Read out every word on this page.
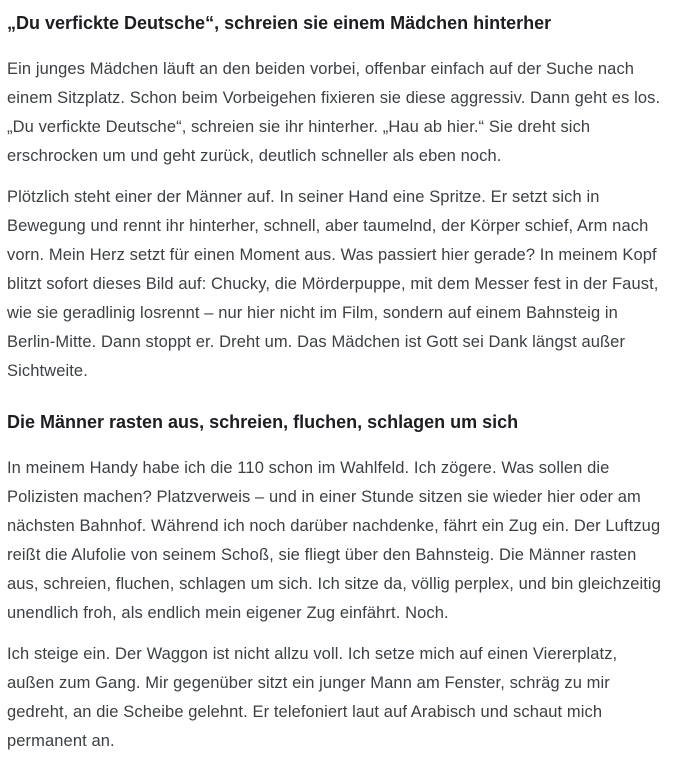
„Du verfickte Deutsche“, schreien sie einem Mädchen hinterher

Ein junges Mädchen läuft an den beiden vorbei, offenbar einfach auf der Suche nach einem Sitzplatz. Schon beim Vorbeigehen fixieren sie diese aggressiv. Dann geht es los. „Du verfickte Deutsche“, schreien sie ihr hinterher. „Hau ab hier.“ Sie dreht sich erschrocken um und geht zurück, deutlich schneller als eben noch.

Plötzlich steht einer der Männer auf. In seiner Hand eine Spritze. Er setzt sich in Bewegung und rennt ihr hinterher, schnell, aber taumelnd, der Körper schief, Arm nach vorn. Mein Herz setzt für einen Moment aus. Was passiert hier gerade? In meinem Kopf blitzt sofort dieses Bild auf: Chucky, die Mörderpuppe, mit dem Messer fest in der Faust, wie sie geradlinig losrennt – nur hier nicht im Film, sondern auf einem Bahnsteig in Berlin-Mitte. Dann stoppt er. Dreht um. Das Mädchen ist Gott sei Dank längst außer Sichtweite.

Die Männer rasten aus, schreien, fluchen, schlagen um sich

In meinem Handy habe ich die 110 schon im Wahlfeld. Ich zögere. Was sollen die Polizisten machen? Platzverweis – und in einer Stunde sitzen sie wieder hier oder am nächsten Bahnhof. Während ich noch darüber nachdenke, fährt ein Zug ein. Der Luftzug reißt die Alufolie von seinem Schoß, sie fliegt über den Bahnsteig. Die Männer rasten aus, schreien, fluchen, schlagen um sich. Ich sitze da, völlig perplex, und bin gleichzeitig unendlich froh, als endlich mein eigener Zug einfährt. Noch.

Ich steige ein. Der Waggon ist nicht allzu voll. Ich setze mich auf einen Viererplatz, außen zum Gang. Mir gegenüber sitzt ein junger Mann am Fenster, schräg zu mir gedreht, an die Scheibe gelehnt. Er telefoniert laut auf Arabisch und schaut mich permanent an.
